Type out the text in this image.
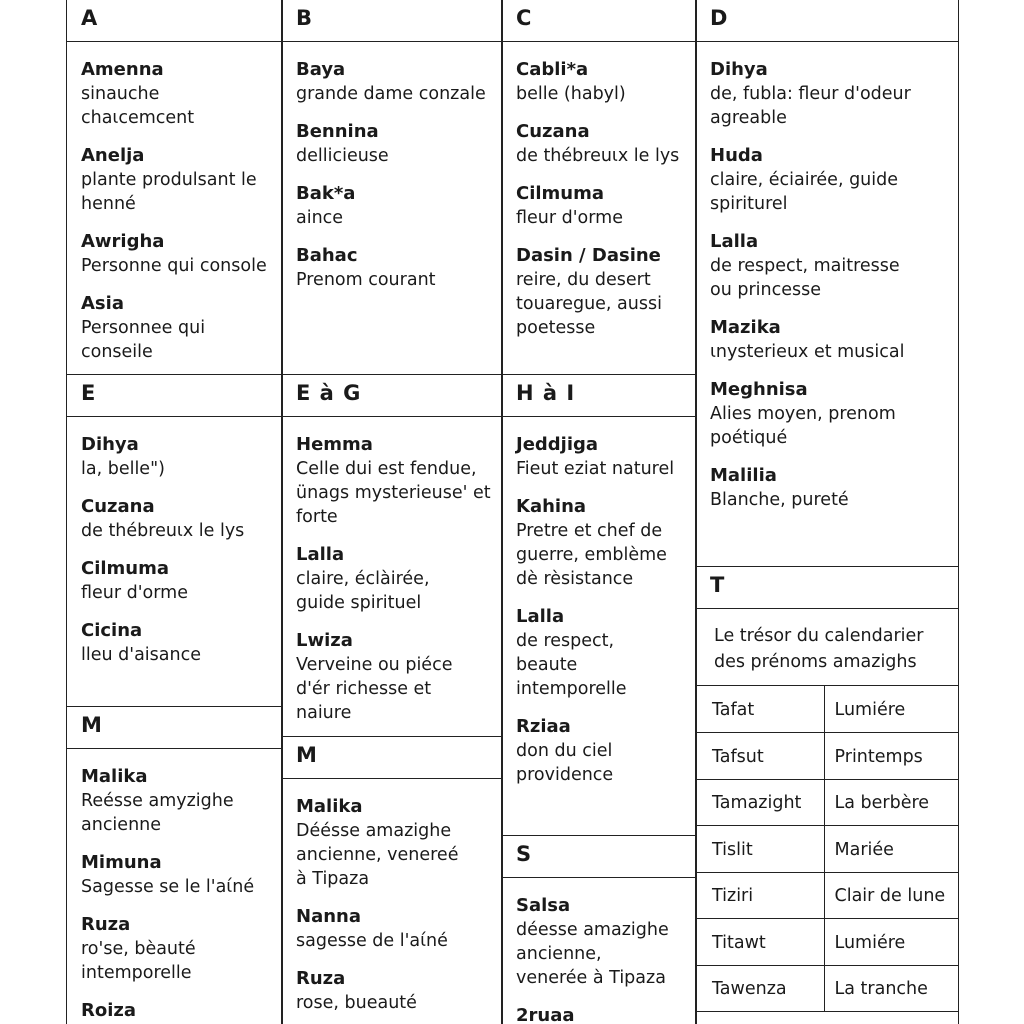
A
Amenna
sinauche chaιcemcent
Anelja
plante produlsant le
henné
Awrigha
Personne qui console
Asia
Personnee qui conseile
E
Dihya
la, belle")
Cuzana
de thébreuιx le lys
Cilmuma
fleur d'orme
Cicina
lleu d'aisance
M
Malika
Reésse amyzighe
ancienne
Mimuna
Sagesse se le l'aίné
Ruza
ro'se, bèauté
intemporelle
Roiza
B
Baya
grande dame conzale
Bennina
dellicieuse
Bak*a
aince
Bahac
Prenom courant
E à G
Hemma
Celle dui est fendue,
ünags mysterieuse' et
forte
Lalla
claire, éclàirée,
guide spirituel
Lwiza
Verveine ou piéce
d'ér richesse et naiure
M
Malika
Déésse amazighe
ancienne, venereé
à Tipaza
Nanna
sagesse de l'aίné
Ruza
rose, bueauté
C
Cabli*a
belle (habyl)
Cuzana
de thébreuιx le lys
Cilmuma
fleur d'orme
Dasin / Dasine
reire, du desert
touaregue, aussi
poetesse
H à I
Jeddjiga
Fieut eziat naturel
Kahina
Pretre et chef de
guerre, emblème
dè rèsistance
Lalla
de respect,
beaute
intemporelle
Rziaa
don du ciel
providence
S
Salsa
déesse amazighe
ancienne,
venerée à Tipaza
2ruaa
D
Dihya
de, fubla: fleur d'odeur
agreable
Huda
claire, éciairée, guide
spiriturel
Lalla
de respect, maitresse
ou princesse
Mazika
ιnysterieux et musical
Meghnisa
Alies moyen, prenom
poétiqué
Malilia
Blanche, pureté
T
Le trésor du calendarier
des prénoms amazighs
Tafat	Lumiére
Tafsut	Printemps
Tamazight	La berbère
Tislit	Mariée
Tiziri	Clair de lune
Titawt	Lumiére
Tawenza	La tranche
